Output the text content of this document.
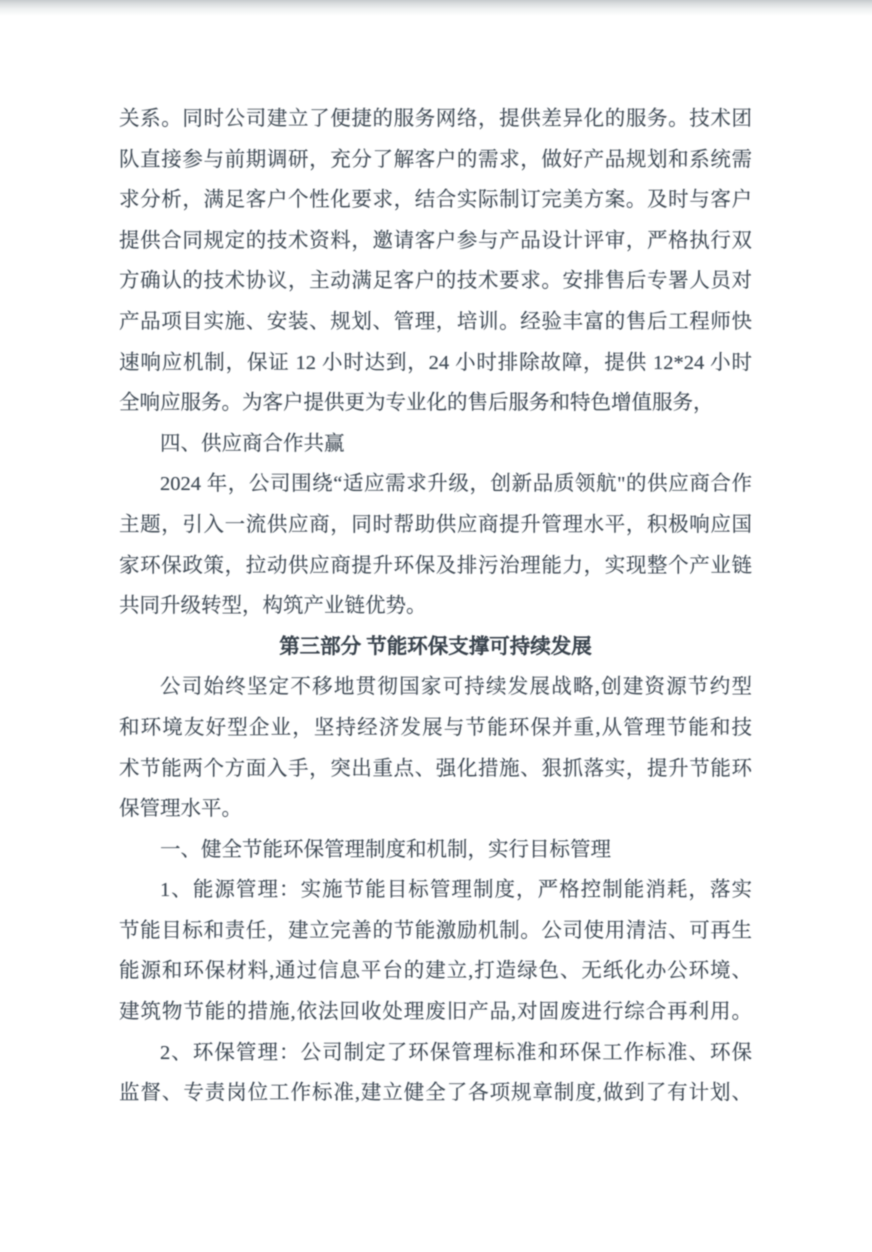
关系。同时公司建立了便捷的服务网络，提供差异化的服务。技术团
队直接参与前期调研，充分了解客户的需求，做好产品规划和系统需
求分析，满足客户个性化要求，结合实际制订完美方案。及时与客户
提供合同规定的技术资料，邀请客户参与产品设计评审，严格执行双
方确认的技术协议，主动满足客户的技术要求。安排售后专署人员对
产品项目实施、安装、规划、管理，培训。经验丰富的售后工程师快
速响应机制，保证 12 小时达到，24 小时排除故障，提供 12*24 小时
全响应服务。为客户提供更为专业化的售后服务和特色增值服务，
四、供应商合作共赢
2024 年，公司围绕“适应需求升级，创新品质领航"的供应商合作
主题，引入一流供应商，同时帮助供应商提升管理水平，积极响应国
家环保政策，拉动供应商提升环保及排污治理能力，实现整个产业链
共同升级转型，构筑产业链优势。
第三部分 节能环保支撑可持续发展
公司始终坚定不移地贯彻国家可持续发展战略,创建资源节约型
和环境友好型企业，坚持经济发展与节能环保并重,从管理节能和技
术节能两个方面入手，突出重点、强化措施、狠抓落实，提升节能环
保管理水平。
一、健全节能环保管理制度和机制，实行目标管理
1、能源管理：实施节能目标管理制度，严格控制能消耗，落实
节能目标和责任，建立完善的节能激励机制。公司使用清洁、可再生
能源和环保材料,通过信息平台的建立,打造绿色、无纸化办公环境、
建筑物节能的措施,依法回收处理废旧产品,对固废进行综合再利用。
2、环保管理：公司制定了环保管理标准和环保工作标准、环保
监督、专责岗位工作标准,建立健全了各项规章制度,做到了有计划、
